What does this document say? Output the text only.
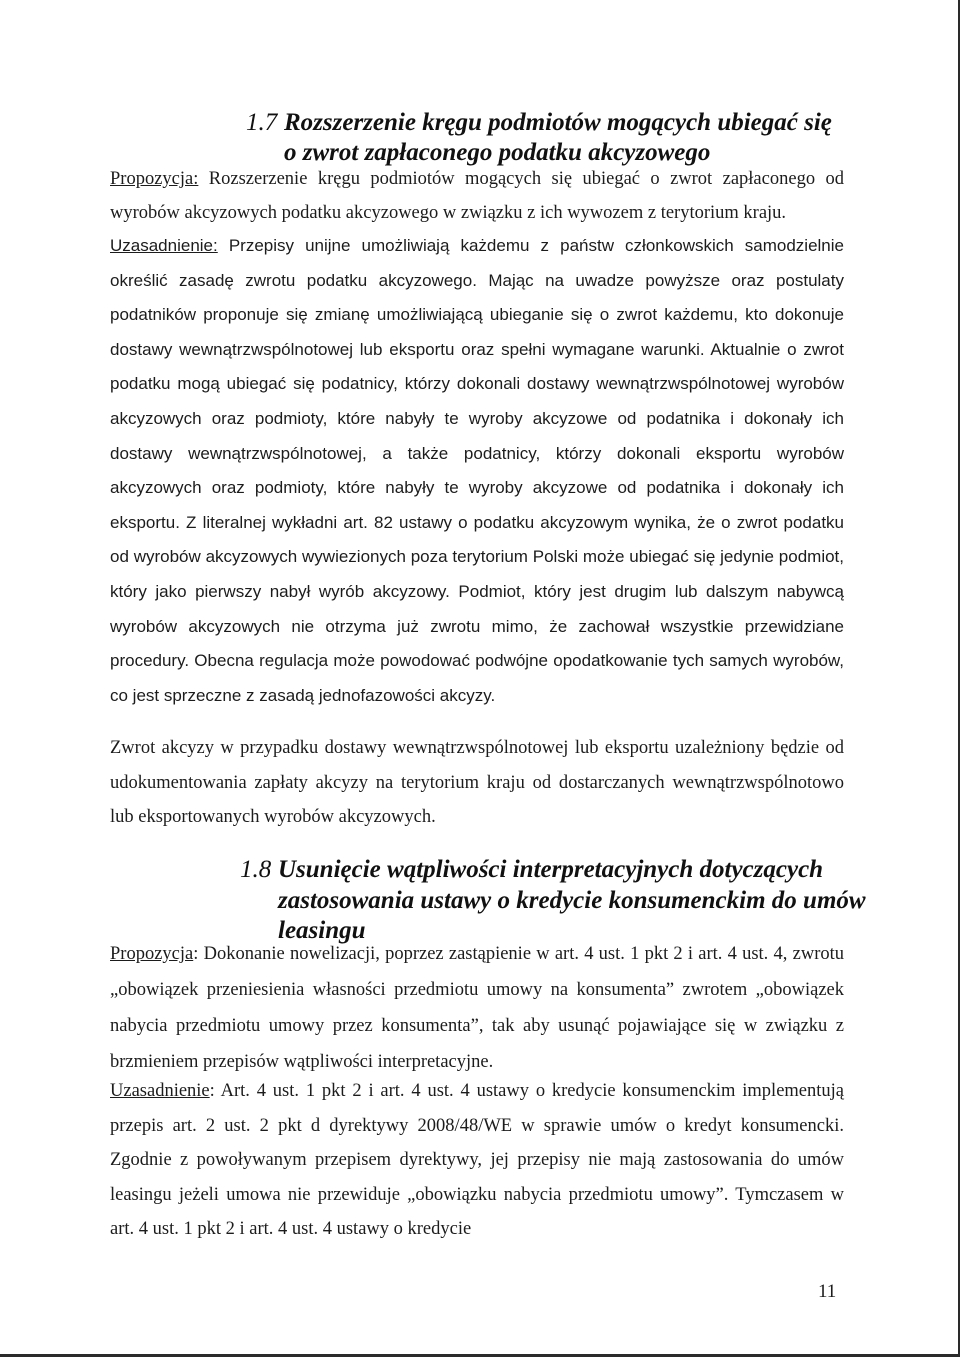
1.7 Rozszerzenie kręgu podmiotów mogących ubiegać się
o zwrot zapłaconego podatku akcyzowego
Propozycja: Rozszerzenie kręgu podmiotów mogących się ubiegać o zwrot zapłaconego od wyrobów akcyzowych podatku akcyzowego w związku z ich wywozem z terytorium kraju.
Uzasadnienie: Przepisy unijne umożliwiają każdemu z państw członkowskich samodzielnie określić zasadę zwrotu podatku akcyzowego. Mając na uwadze powyższe oraz postulaty podatników proponuje się zmianę umożliwiającą ubieganie się o zwrot każdemu, kto dokonuje dostawy wewnątrzwspólnotowej lub eksportu oraz spełni wymagane warunki. Aktualnie o zwrot podatku mogą ubiegać się podatnicy, którzy dokonali dostawy wewnątrzwspólnotowej wyrobów akcyzowych oraz podmioty, które nabyły te wyroby akcyzowe od podatnika i dokonały ich dostawy wewnątrzwspólnotowej, a także podatnicy, którzy dokonali eksportu wyrobów akcyzowych oraz podmioty, które nabyły te wyroby akcyzowe od podatnika i dokonały ich eksportu. Z literalnej wykładni art. 82 ustawy o podatku akcyzowym wynika, że o zwrot podatku od wyrobów akcyzowych wywiezionych poza terytorium Polski może ubiegać się jedynie podmiot, który jako pierwszy nabył wyrób akcyzowy. Podmiot, który jest drugim lub dalszym nabywcą wyrobów akcyzowych nie otrzyma już zwrotu mimo, że zachował wszystkie przewidziane procedury. Obecna regulacja może powodować podwójne opodatkowanie tych samych wyrobów, co jest sprzeczne z zasadą jednofazowości akcyzy.
Zwrot akcyzy w przypadku dostawy wewnątrzwspólnotowej lub eksportu uzależniony będzie od udokumentowania zapłaty akcyzy na terytorium kraju od dostarczanych wewnątrzwspólnotowo lub eksportowanych wyrobów akcyzowych.
1.8 Usunięcie wątpliwości interpretacyjnych dotyczących
zastosowania ustawy o kredycie konsumenckim do umów
leasingu
Propozycja: Dokonanie nowelizacji, poprzez zastąpienie w art. 4 ust. 1 pkt 2 i art. 4 ust. 4, zwrotu „obowiązek przeniesienia własności przedmiotu umowy na konsumenta” zwrotem „obowiązek nabycia przedmiotu umowy przez konsumenta”, tak aby usunąć pojawiające się w związku z brzmieniem przepisów wątpliwości interpretacyjne.
Uzasadnienie: Art. 4 ust. 1 pkt 2 i art. 4 ust. 4 ustawy o kredycie konsumenckim implementują przepis art. 2 ust. 2 pkt d dyrektywy 2008/48/WE w sprawie umów o kredyt konsumencki. Zgodnie z powoływanym przepisem dyrektywy, jej przepisy nie mają zastosowania do umów leasingu jeżeli umowa nie przewiduje „obowiązku nabycia przedmiotu umowy”. Tymczasem w art. 4 ust. 1 pkt 2 i art. 4 ust. 4 ustawy o kredycie
11
